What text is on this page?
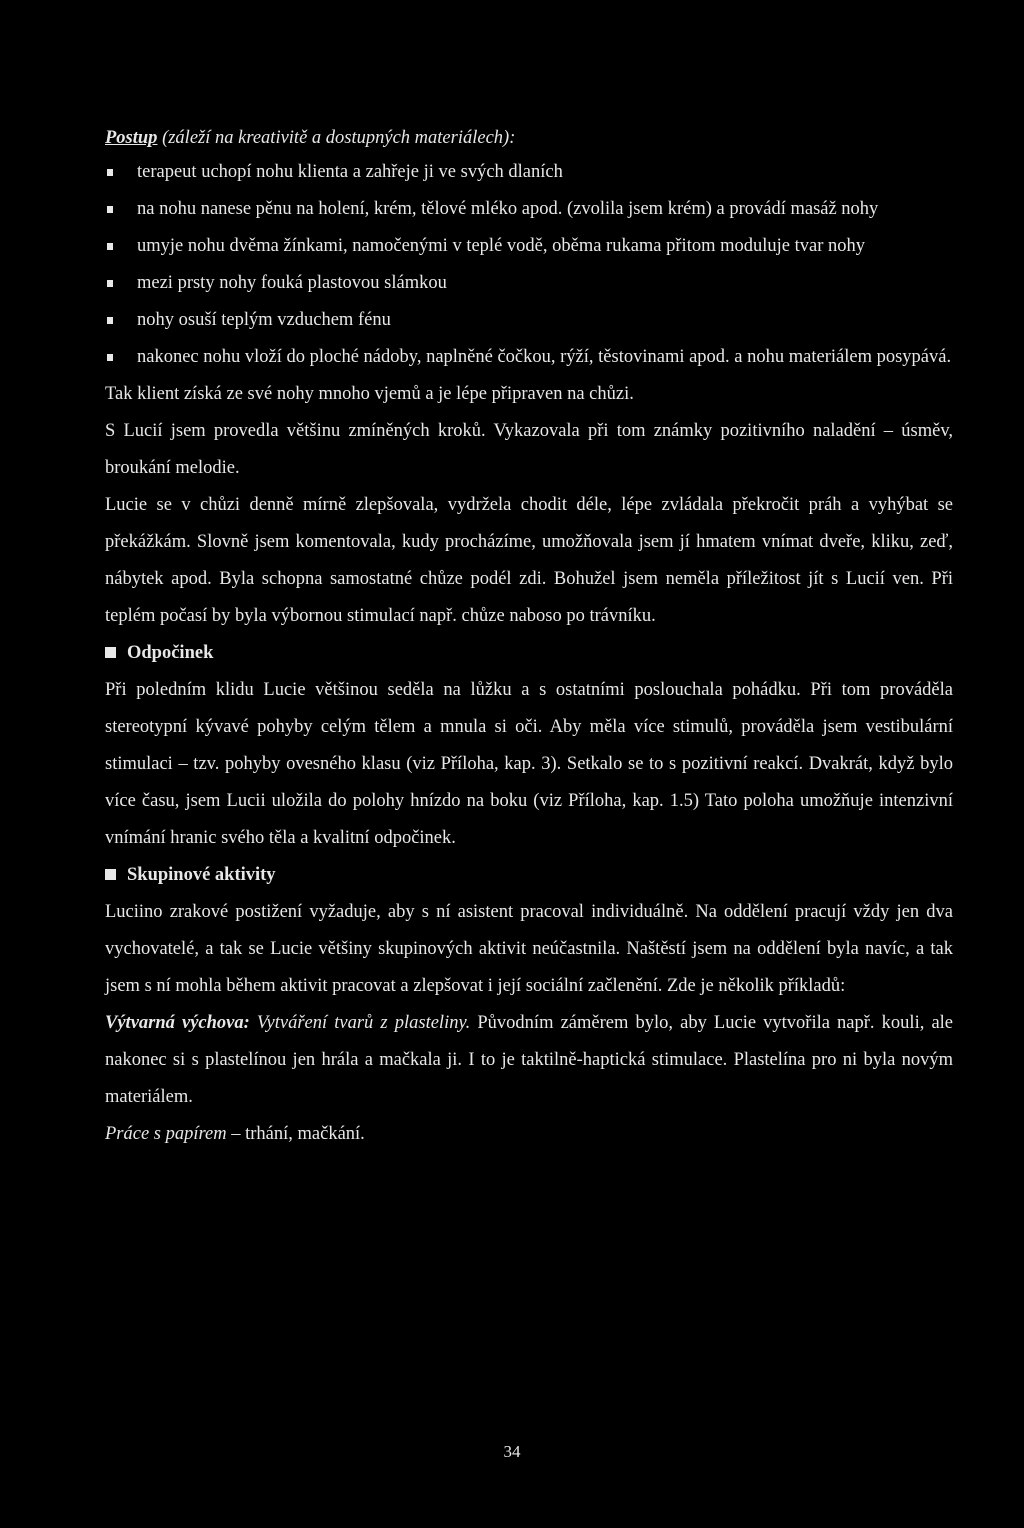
Postup (záleží na kreativitě a dostupných materiálech):

terapeut uchopí nohu klienta a zahřeje ji ve svých dlaních
na nohu nanese pěnu na holení, krém, tělové mléko apod. (zvolila jsem krém) a provádí masáž nohy
umyje nohu dvěma žínkami, namočenými v teplé vodě, oběma rukama přitom moduluje tvar nohy
mezi prsty nohy fouká plastovou slámkou
nohy osuší teplým vzduchem fénu
nakonec nohu vloží do ploché nádoby, naplněné čočkou, rýží, těstovinami apod. a nohu materiálem posypává.

Tak klient získá ze své nohy mnoho vjemů a je lépe připraven na chůzi.

S Lucií jsem provedla většinu zmíněných kroků. Vykazovala při tom známky pozitivního naladění – úsměv, broukání melodie.

Lucie se v chůzi denně mírně zlepšovala, vydržela chodit déle, lépe zvládala překročit práh a vyhýbat se překážkám. Slovně jsem komentovala, kudy procházíme, umožňovala jsem jí hmatem vnímat dveře, kliku, zeď, nábytek apod. Byla schopna samostatné chůze podél zdi. Bohužel jsem neměla příležitost jít s Lucií ven. Při teplém počasí by byla výbornou stimulací např. chůze naboso po trávníku.

Odpočinek

Při poledním klidu Lucie většinou seděla na lůžku a s ostatními poslouchala pohádku. Při tom prováděla stereotypní kývavé pohyby celým tělem a mnula si oči. Aby měla více stimulů, prováděla jsem vestibulární stimulaci – tzv. pohyby ovesného klasu (viz Příloha, kap. 3). Setkalo se to s pozitivní reakcí. Dvakrát, když bylo více času, jsem Lucii uložila do polohy hnízdo na boku (viz Příloha, kap. 1.5) Tato poloha umožňuje intenzivní vnímání hranic svého těla a kvalitní odpočinek.

Skupinové aktivity

Luciino zrakové postižení vyžaduje, aby s ní asistent pracoval individuálně. Na oddělení pracují vždy jen dva vychovatelé, a tak se Lucie většiny skupinových aktivit neúčastnila. Naštěstí jsem na oddělení byla navíc, a tak jsem s ní mohla během aktivit pracovat a zlepšovat i její sociální začlenění. Zde je několik příkladů:

Výtvarná výchova: Vytváření tvarů z plasteliny. Původním záměrem bylo, aby Lucie vytvořila např. kouli, ale nakonec si s plastelínou jen hrála a mačkala ji. I to je taktilně-haptická stimulace. Plastelína pro ni byla novým materiálem.

Práce s papírem – trhání, mačkání.

34
